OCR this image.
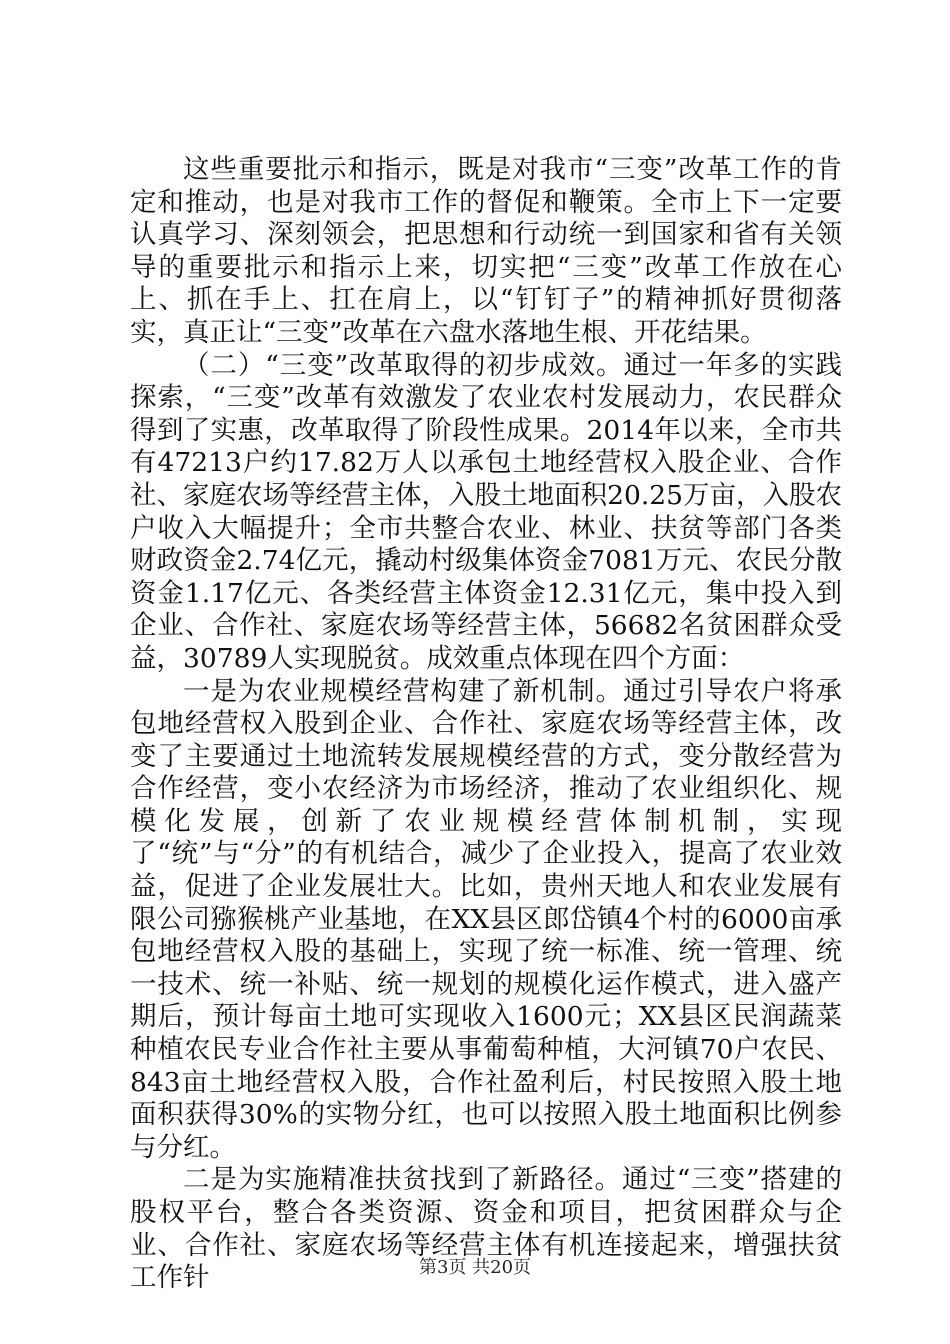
这些重要批示和指示，既是对我市“三变”改革工作的肯定和推动，也是对我市工作的督促和鞭策。全市上下一定要认真学习、深刻领会，把思想和行动统一到国家和省有关领导的重要批示和指示上来，切实把“三变”改革工作放在心上、抓在手上、扛在肩上，以“钉钉子”的精神抓好贯彻落实，真正让“三变”改革在六盘水落地生根、开花结果。

（二）“三变”改革取得的初步成效。通过一年多的实践探索，“三变”改革有效激发了农业农村发展动力，农民群众得到了实惠，改革取得了阶段性成果。2014年以来，全市共有47213户约17.82万人以承包土地经营权入股企业、合作社、家庭农场等经营主体，入股土地面积20.25万亩，入股农户收入大幅提升；全市共整合农业、林业、扶贫等部门各类财政资金2.74亿元，撬动村级集体资金7081万元、农民分散资金1.17亿元、各类经营主体资金12.31亿元，集中投入到企业、合作社、家庭农场等经营主体，56682名贫困群众受益，30789人实现脱贫。成效重点体现在四个方面：

一是为农业规模经营构建了新机制。通过引导农户将承包地经营权入股到企业、合作社、家庭农场等经营主体，改变了主要通过土地流转发展规模经营的方式，变分散经营为合作经营，变小农经济为市场经济，推动了农业组织化、规模化发展，创新了农业规模经营体制机制，实现了“统”与“分”的有机结合，减少了企业投入，提高了农业效益，促进了企业发展壮大。比如，贵州天地人和农业发展有限公司猕猴桃产业基地，在XX县区郎岱镇4个村的6000亩承包地经营权入股的基础上，实现了统一标准、统一管理、统一技术、统一补贴、统一规划的规模化运作模式，进入盛产期后，预计每亩土地可实现收入1600元；XX县区民润蔬菜种植农民专业合作社主要从事葡萄种植，大河镇70户农民、843亩土地经营权入股，合作社盈利后，村民按照入股土地面积获得30%的实物分红，也可以按照入股土地面积比例参与分红。

二是为实施精准扶贫找到了新路径。通过“三变”搭建的股权平台，整合各类资源、资金和项目，把贫困群众与企业、合作社、家庭农场等经营主体有机连接起来，增强扶贫工作针	第3页 共20页
